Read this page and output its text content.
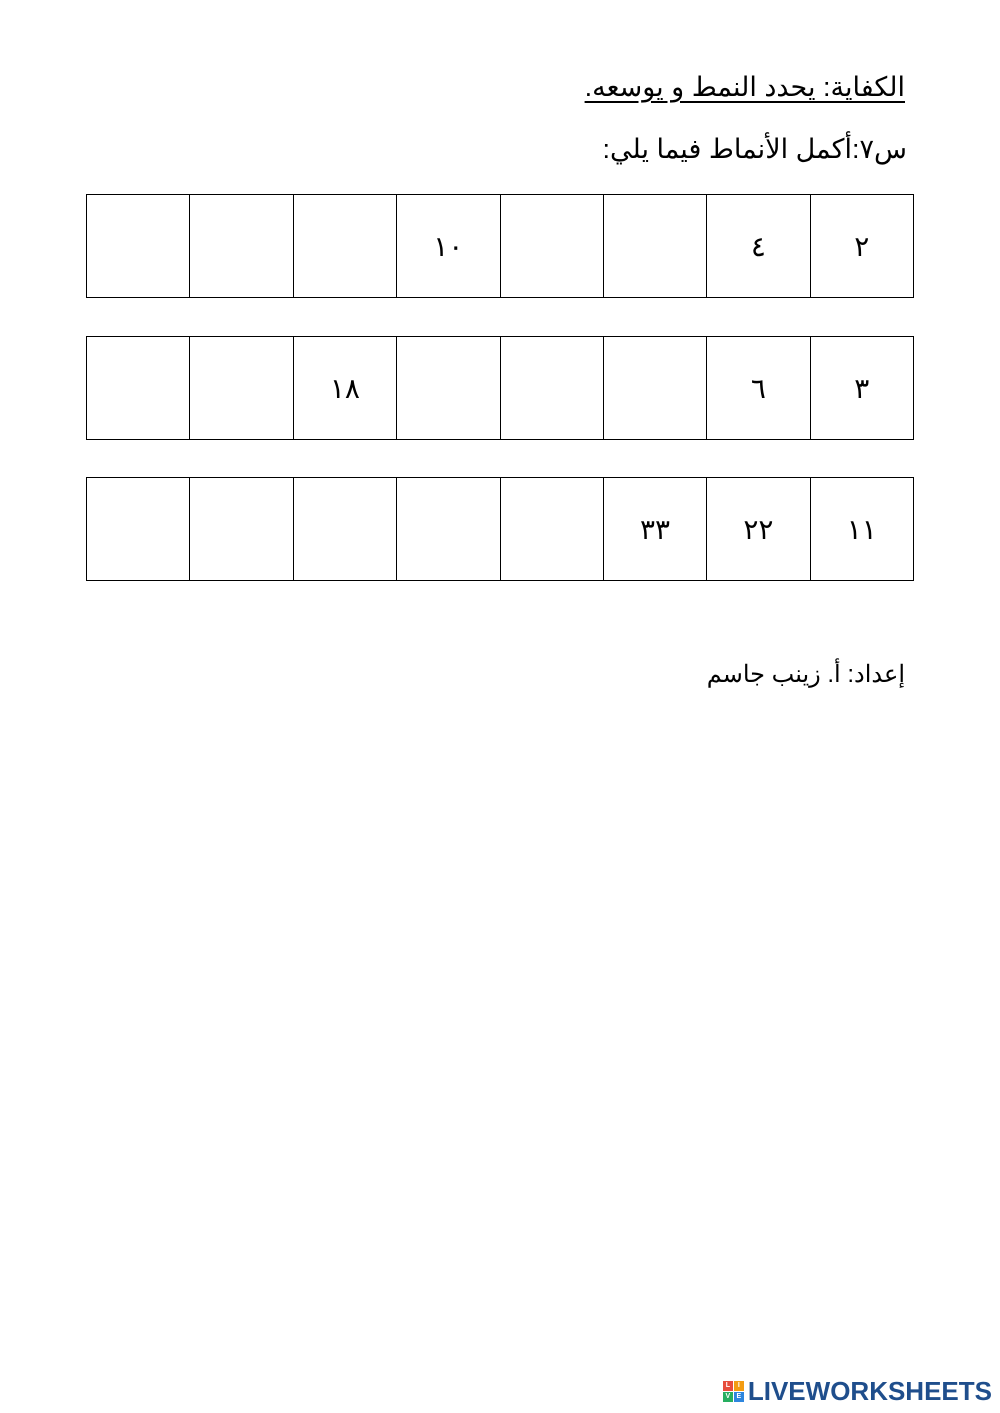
الكفاية: يحدد النمط و يوسعه.
س٧:أكمل الأنماط فيما يلي:
٢
٤
١٠
٣
٦
١٨
١١
٢٢
٣٣
إعداد: أ. زينب جاسم
L	I
V E LIVEWORKSHEETS
